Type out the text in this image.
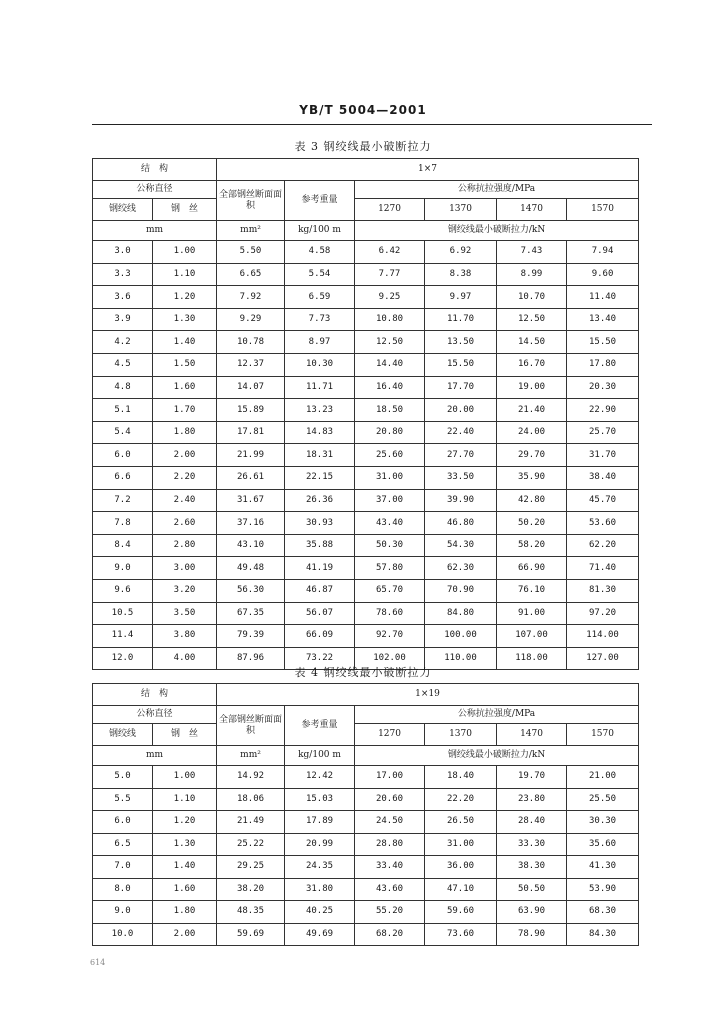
YB/T 5004—2001
表 3 钢绞线最小破断拉力
结　构		1×7					
公称直径		全部钢丝断面面积	参考重量	公称抗拉强度/MPa			
钢绞线	钢　丝			1270	1370	1470	1570
mm		mm²	kg/100 m	钢绞线最小破断拉力/kN			
3.0	1.00	5.50	4.58	6.42	6.92	7.43	7.94
3.3	1.10	6.65	5.54	7.77	8.38	8.99	9.60
3.6	1.20	7.92	6.59	9.25	9.97	10.70	11.40
3.9	1.30	9.29	7.73	10.80	11.70	12.50	13.40
4.2	1.40	10.78	8.97	12.50	13.50	14.50	15.50
4.5	1.50	12.37	10.30	14.40	15.50	16.70	17.80
4.8	1.60	14.07	11.71	16.40	17.70	19.00	20.30
5.1	1.70	15.89	13.23	18.50	20.00	21.40	22.90
5.4	1.80	17.81	14.83	20.80	22.40	24.00	25.70
6.0	2.00	21.99	18.31	25.60	27.70	29.70	31.70
6.6	2.20	26.61	22.15	31.00	33.50	35.90	38.40
7.2	2.40	31.67	26.36	37.00	39.90	42.80	45.70
7.8	2.60	37.16	30.93	43.40	46.80	50.20	53.60
8.4	2.80	43.10	35.88	50.30	54.30	58.20	62.20
9.0	3.00	49.48	41.19	57.80	62.30	66.90	71.40
9.6	3.20	56.30	46.87	65.70	70.90	76.10	81.30
10.5	3.50	67.35	56.07	78.60	84.80	91.00	97.20
11.4	3.80	79.39	66.09	92.70	100.00	107.00	114.00
12.0	4.00	87.96	73.22	102.00	110.00	118.00	127.00
表 4 钢绞线最小破断拉力
结　构		1×19					
公称直径		全部钢丝断面面积	参考重量	公称抗拉强度/MPa			
钢绞线	钢　丝			1270	1370	1470	1570
mm		mm²	kg/100 m	钢绞线最小破断拉力/kN			
5.0	1.00	14.92	12.42	17.00	18.40	19.70	21.00
5.5	1.10	18.06	15.03	20.60	22.20	23.80	25.50
6.0	1.20	21.49	17.89	24.50	26.50	28.40	30.30
6.5	1.30	25.22	20.99	28.80	31.00	33.30	35.60
7.0	1.40	29.25	24.35	33.40	36.00	38.30	41.30
8.0	1.60	38.20	31.80	43.60	47.10	50.50	53.90
9.0	1.80	48.35	40.25	55.20	59.60	63.90	68.30
10.0	2.00	59.69	49.69	68.20	73.60	78.90	84.30
614
